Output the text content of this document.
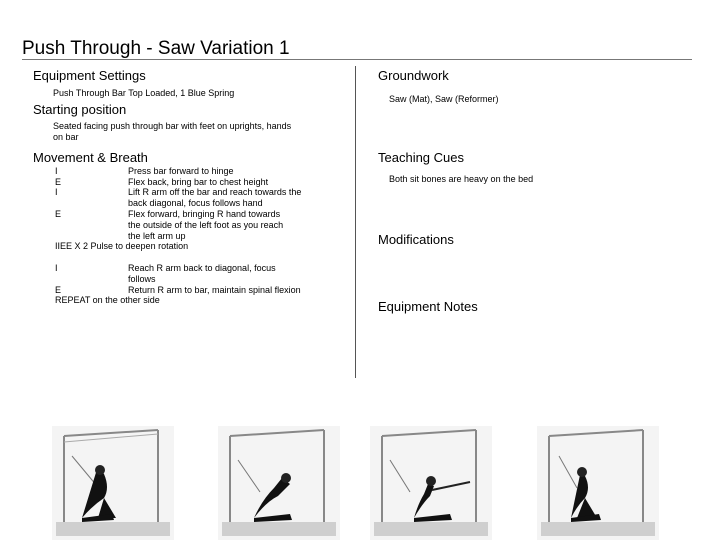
Push Through - Saw Variation 1
Equipment Settings
Push Through Bar Top Loaded, 1 Blue Spring
Starting position
Seated facing push through bar with feet on uprights, hands
on bar
Movement & Breath
I	Press bar forward to hinge
E	Flex back, bring bar to chest height
I	Lift R arm off the bar and reach towards the
back diagonal, focus follows hand
E	Flex forward, bringing R hand towards
the outside of the left foot as you reach
the left arm up
IIEE X 2 Pulse to deepen rotation
I	Reach R arm back to diagonal, focus
follows
E	Return R arm to bar, maintain spinal flexion
REPEAT on the other side
Groundwork
Saw (Mat), Saw (Reformer)
Teaching Cues
Both sit bones are heavy on the bed
Modifications
Equipment Notes
